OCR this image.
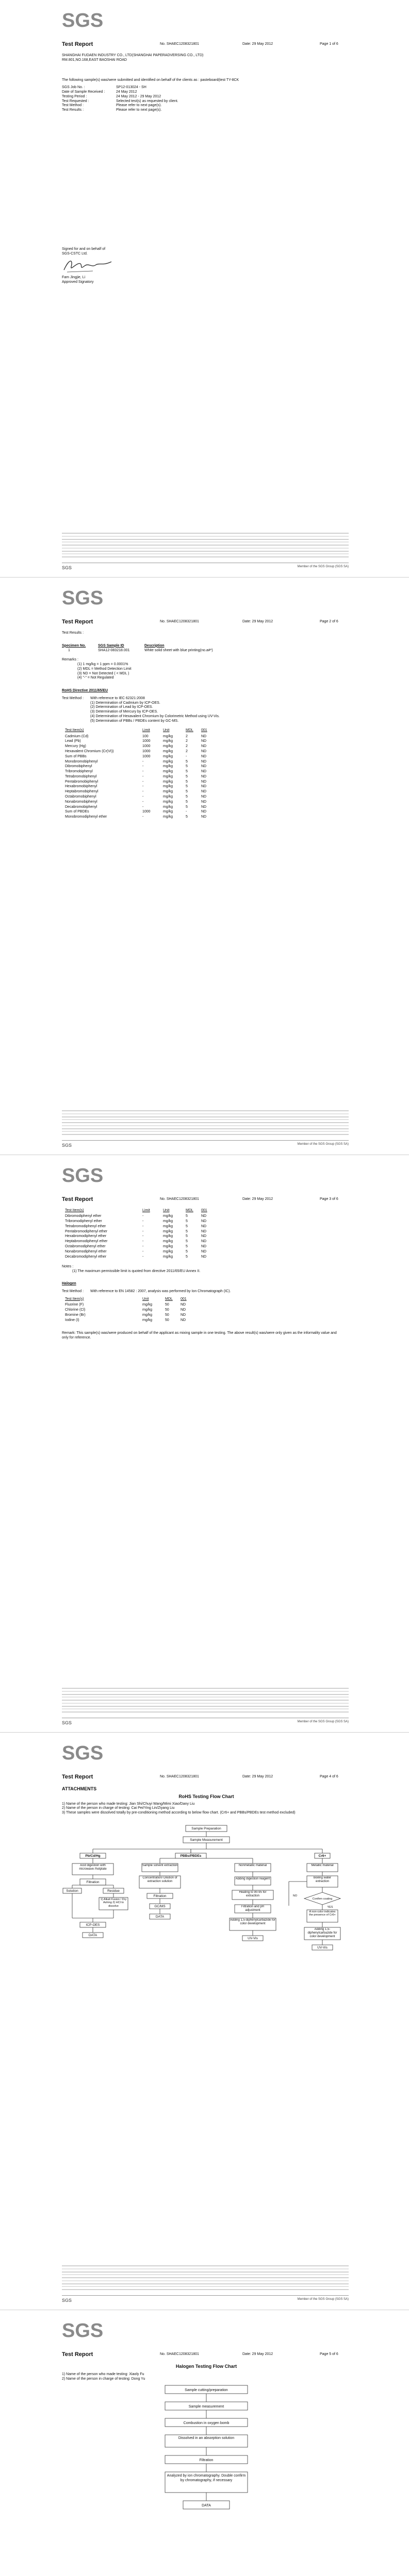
SGS
Test Report	No. SHAEC1208321801	Date: 29 May 2012	Page 1 of 6
SHANGHAI FUDAEN INDUSTRY CO., LTD(SHANGHAI PAPERADVERSING CO., LTD)
RM.801,NO.168,EAST BAOSHAI ROAD
The following sample(s) was/were submitted and identified on behalf of the clients as : pasteboard(test TY-8CK
SGS Job No. :	SP12-013024 - SH
Date of Sample Received :	24 May 2012
Testing Period :	24 May 2012 - 29 May 2012
Test Requested :	Selected test(s) as requested by client.
Test Method :	Please refer to next page(s).
Test Results :	Please refer to next page(s).
Signed for and on behalf of
SGS-CSTC Ltd.
Fam Jingjie, Li
Approved Signatory
SGS	Member of the SGS Group (SGS SA)
SGS
Test Report	No. SHAEC1208321801	Date: 29 May 2012	Page 2 of 6
Test Results :
Specimen No.	SGS Sample ID	Description
1	SHA12-083218.001	White solid sheet with blue printing(no.a#*)
Remarks :
(1) 1 mg/kg = 1 ppm = 0.0001%
(2) MDL = Method Detection Limit
(3) ND = Not Detected ( < MDL )
(4) "-" = Not Regulated
RoHS Directive 2011/65/EU
Test Method :	With reference to IEC 62321:2008
(1) Determination of Cadmium by ICP-OES.
(2) Determination of Lead by ICP-OES.
(3) Determination of Mercury by ICP-OES.
(4) Determination of Hexavalent Chromium by Colorimetric Method using UV-Vis.
(5) Determination of PBBs / PBDEs content by GC-MS.
Test Item(s)	Limit	Unit	MDL	001
Cadmium (Cd)	100	mg/kg	2	ND
Lead (Pb)	1000	mg/kg	2	ND
Mercury (Hg)	1000	mg/kg	2	ND
Hexavalent Chromium (Cr(VI))	1000	mg/kg	2	ND
Sum of PBBs	1000	mg/kg	-	ND
Monobromobiphenyl	-	mg/kg	5	ND
Dibromobiphenyl	-	mg/kg	5	ND
Tribromobiphenyl	-	mg/kg	5	ND
Tetrabromobiphenyl	-	mg/kg	5	ND
Pentabromobiphenyl	-	mg/kg	5	ND
Hexabromobiphenyl	-	mg/kg	5	ND
Heptabromobiphenyl	-	mg/kg	5	ND
Octabromobiphenyl	-	mg/kg	5	ND
Nonabromobiphenyl	-	mg/kg	5	ND
Decabromobiphenyl	-	mg/kg	5	ND
Sum of PBDEs	1000	mg/kg	-	ND
Monobromodiphenyl ether	-	mg/kg	5	ND
SGS	Member of the SGS Group (SGS SA)
SGS
Test Report	No. SHAEC1208321801	Date: 29 May 2012	Page 3 of 6
Test Item(s)	Limit	Unit	MDL	001
Dibromodiphenyl ether	-	mg/kg	5	ND
Tribromodiphenyl ether	-	mg/kg	5	ND
Tetrabromodiphenyl ether	-	mg/kg	5	ND
Pentabromodiphenyl ether	-	mg/kg	5	ND
Hexabromodiphenyl ether	-	mg/kg	5	ND
Heptabromodiphenyl ether	-	mg/kg	5	ND
Octabromodiphenyl ether	-	mg/kg	5	ND
Nonabromodiphenyl ether	-	mg/kg	5	ND
Decabromodiphenyl ether	-	mg/kg	5	ND
Notes :
(1) The maximum permissible limit is quoted from directive 2011/65/EU Annex II.
Halogen
Test Method :	With reference to EN 14582 : 2007, analysis was performed by Ion Chromatograph (IC).
Test Item(s)	Unit	MDL	001
Fluorine (F)	mg/kg	50	ND
Chlorine (Cl)	mg/kg	50	ND
Bromine (Br)	mg/kg	50	ND
Iodine (I)	mg/kg	50	ND
Remark: This sample(s) was/were produced on behalf of the applicant as mixing sample in one testing. The above result(s) was/were only given as the informality value and only for reference.
SGS	Member of the SGS Group (SGS SA)
SGS
Test Report	No. SHAEC1208321801	Date: 29 May 2012	Page 4 of 6
ATTACHMENTS
RoHS Testing Flow Chart
1) Name of the person who made testing: Jian Shi/Chuyi Wang/Mimi Xiao/Dany Liu
2) Name of the person in charge of testing: Cai Pei/Ying Lin/Ziyang Liu
3) These samples were dissolved totally by pre-conditioning method according to below flow chart. (Cr6+ and PBBs/PBDEs test method excluded)
Sample Preparation
Sample Measurement
Pb/Cd/Hg	PBBs/PBDEs	Cr6+
Acid digestion with microwave /hotplate
Filtration
Solution	Residue
1) Alkali Fusion / Dry Ashing 2) HCl to dissolve
ICP-OES
DATA
Sample solvent extraction
Concentration/ Dilution of extraction solution
Filtration
GC/MS
DATA
Nonmetallic material
Adding digestion reagent
Heating to 90-95 for extraction
Filtration and pH adjustment
Adding 1,5-diphenylcarbazide for color development
UV-Vis
Metallic material
Boiling water extraction
Confirm coating
A non-color indicates the presence of Cr6+
Adding 1,5-diphenylcarbazide for color development
UV-Vis
YES
NO
SGS	Member of the SGS Group (SGS SA)
SGS
Test Report	No. SHAEC1208321801	Date: 29 May 2012	Page 5 of 6
Halogen Testing Flow Chart
1) Name of the person who made testing: Xiaoly Fu
2) Name of the person in charge of testing: Dong Yu
Sample cutting/preparation
Sample measurement
Combustion in oxygen bomb
Dissolved in an absorption solution
Filtration
Analyzed by ion chromatography. Double confirm by chromatography, if necessary
DATA
